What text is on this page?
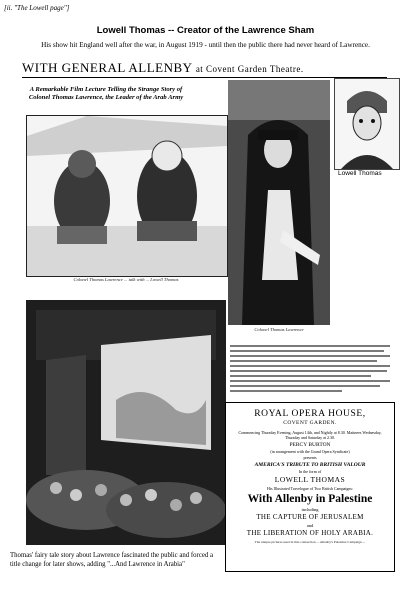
[ii. "The Lowell page"]
Lowell Thomas -- Creator of the Lawrence Sham
His show hit England well after the war, in August 1919 - until then the public there had never heard of Lawrence.
WITH GENERAL ALLENBY at Covent Garden Theatre.
A Remarkable Film Lecture Telling the Strange Story of Colonel Thomas Lawrence, the Leader of the Arab Army
Colonel Thomas Lawrence ... talk with ... Lowell Thomas
Colonel Thomas Lawrence
Lowell Thomas
ROYAL OPERA HOUSE,
COVENT GARDEN.
Commencing Thursday Evening, August 14th, and Nightly at 8.30. Matinees Wednesday, Thursday and Saturday at 2.30.
PERCY BURTON
(in arrangement with the Grand Opera Syndicate)
presents
AMERICA'S TRIBUTE TO BRITISH VALOUR
In the form of
LOWELL THOMAS
His Illustrated Travelogue of Two British Campaigns:
With Allenby in Palestine
including
THE CAPTURE OF JERUSALEM
and
THE LIBERATION OF HOLY ARABIA.
The unique pictures used in this connection ... Allenby's Palestine Campaign ...
Thomas' fairy tale story about Lawrence fascinated the public and forced a title change for later shows, adding "...And Lawrence in Arabia"
